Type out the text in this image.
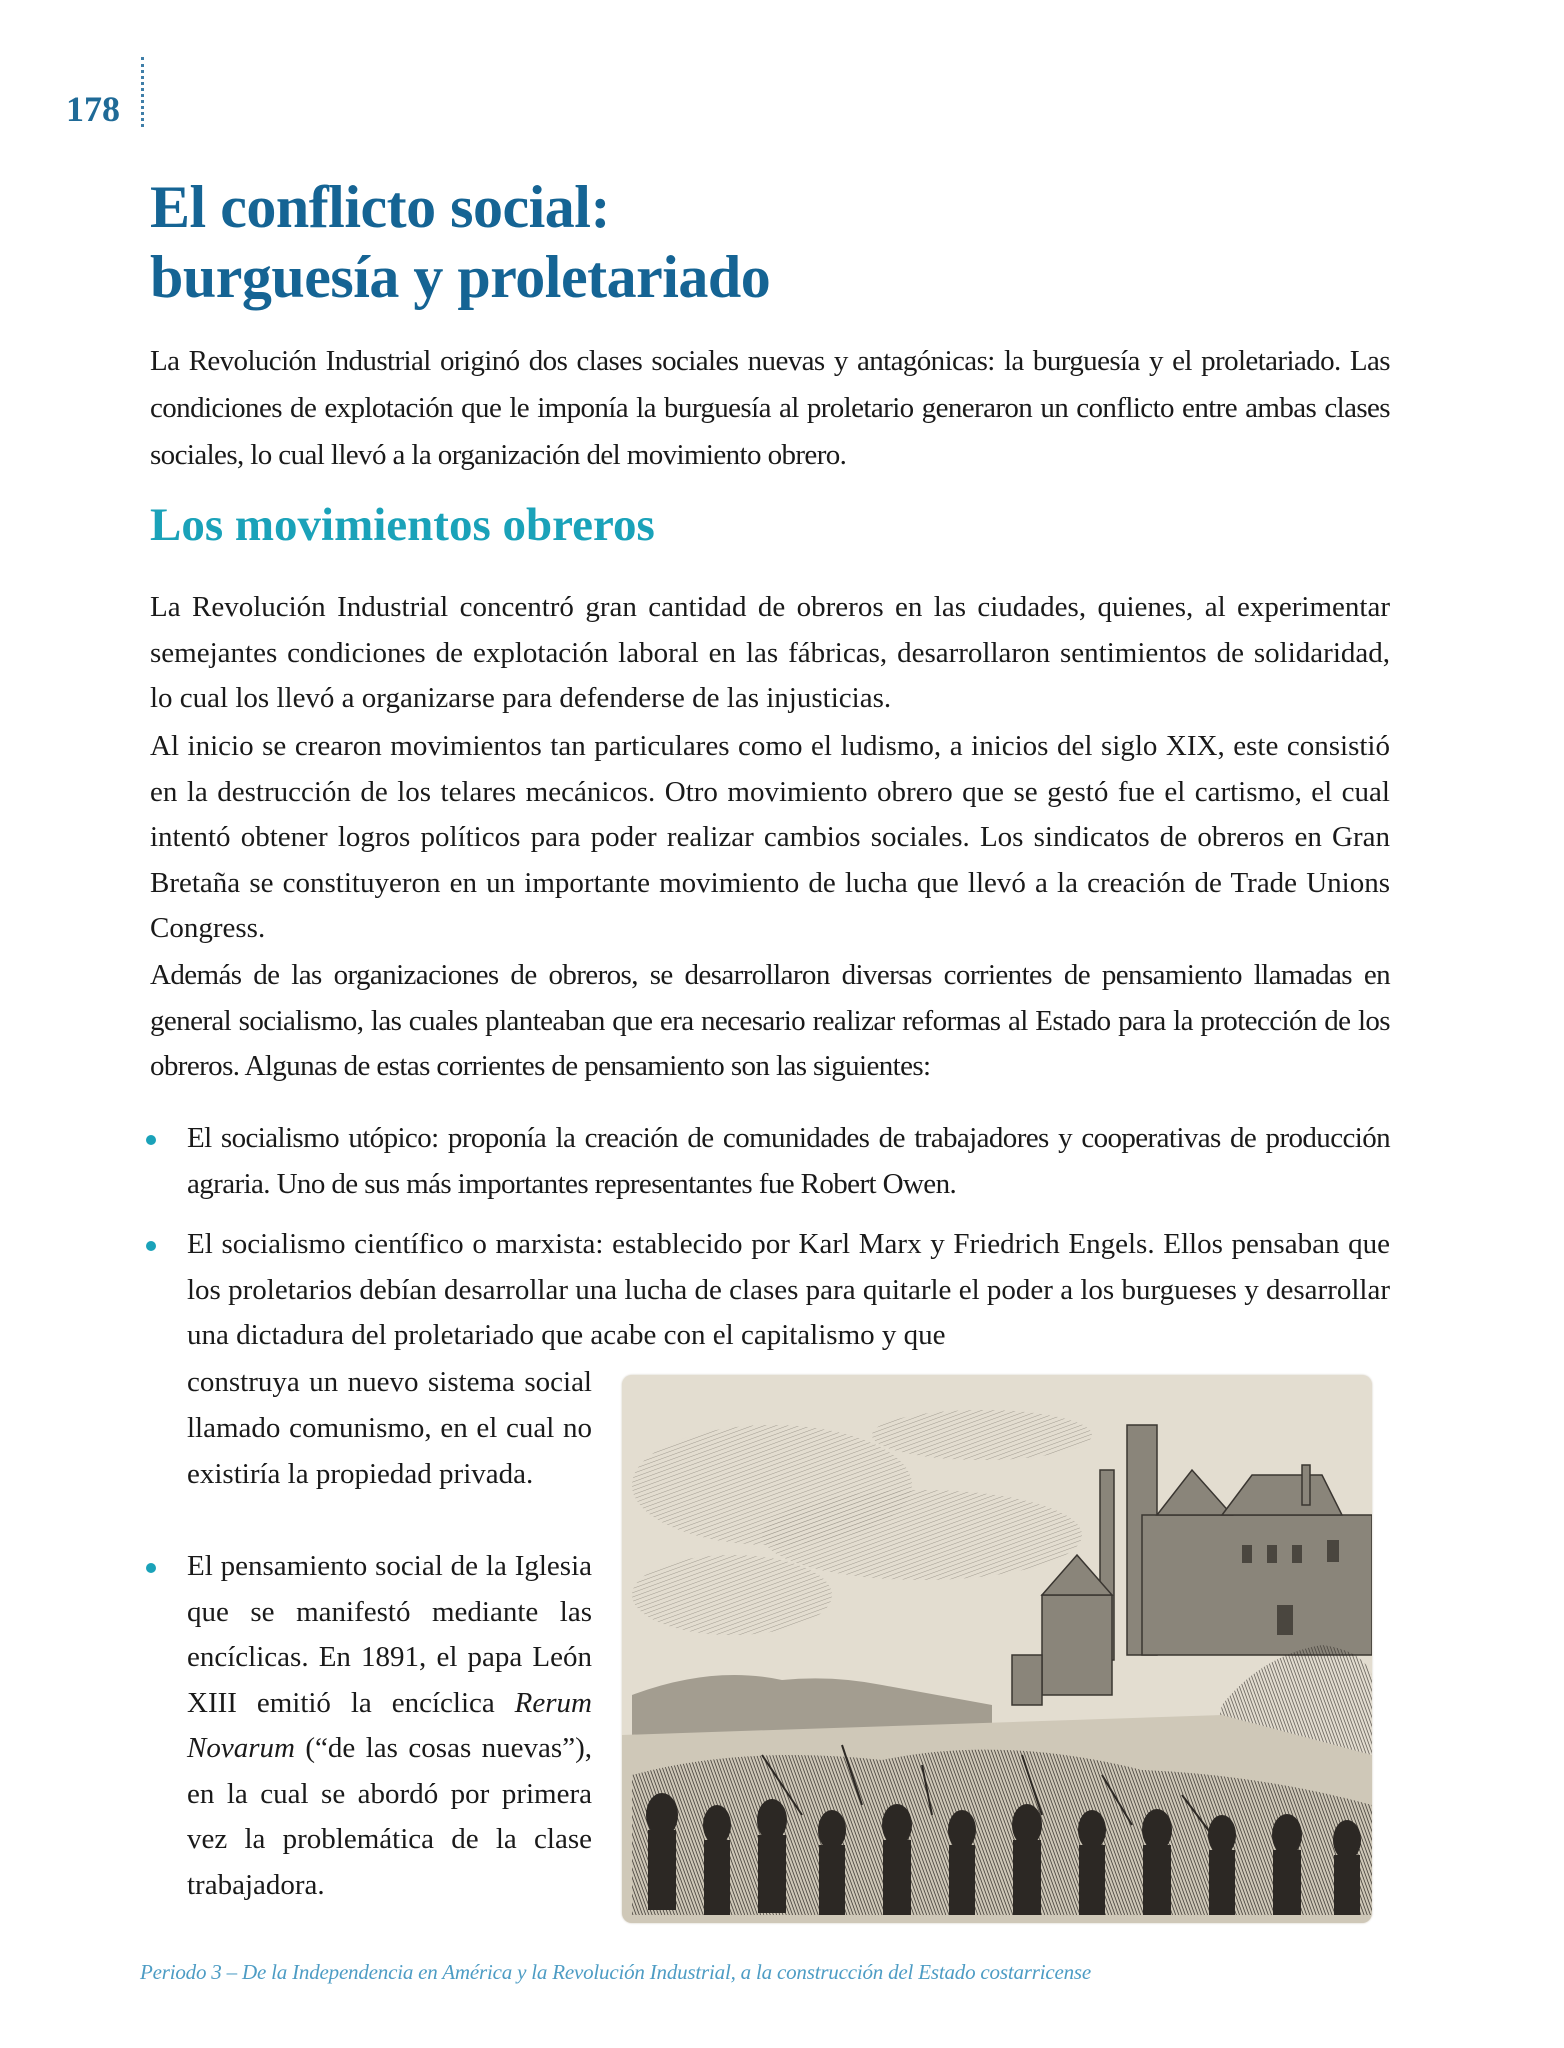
178
El conflicto social:
burguesía y proletariado

La Revolución Industrial originó dos clases sociales nuevas y antagónicas: la burguesía y el proletariado. Las condiciones de explotación que le imponía la burguesía al proletario generaron un conflicto entre ambas clases sociales, lo cual llevó a la organización del movimiento obrero.

Los movimientos obreros

La Revolución Industrial concentró gran cantidad de obreros en las ciudades, quienes, al experimentar semejantes condiciones de explotación laboral en las fábricas, desarrollaron sentimientos de solidaridad, lo cual los llevó a organizarse para defenderse de las injusticias.

Al inicio se crearon movimientos tan particulares como el ludismo, a inicios del siglo XIX, este consistió en la destrucción de los telares mecánicos. Otro movimiento obrero que se gestó fue el cartismo, el cual intentó obtener logros políticos para poder realizar cambios sociales. Los sindicatos de obreros en Gran Bretaña se constituyeron en un importante movimiento de lucha que llevó a la creación de Trade Unions Congress.

Además de las organizaciones de obreros, se desarrollaron diversas corrientes de pensamiento llamadas en general socialismo, las cuales planteaban que era necesario realizar reformas al Estado para la protección de los obreros. Algunas de estas corrientes de pensamiento son las siguientes:

El socialismo utópico: proponía la creación de comunidades de trabajadores y cooperativas de producción agraria. Uno de sus más importantes representantes fue Robert Owen.

El socialismo científico o marxista: establecido por Karl Marx y Friedrich Engels. Ellos pensaban que los proletarios debían desarrollar una lucha de clases para quitarle el poder a los burgueses y desarrollar una dictadura del proletariado que acabe con el capitalismo y que

construya un nuevo sistema social llamado comunismo, en el cual no existiría la propiedad privada.

El pensamiento social de la Iglesia que se manifestó mediante las encíclicas. En 1891, el papa León XIII emitió la encíclica Rerum Novarum (“de las cosas nuevas”), en la cual se abordó por primera vez la problemática de la clase trabajadora.

Periodo 3 – De la Independencia en América y la Revolución Industrial, a la construcción del Estado costarricense
